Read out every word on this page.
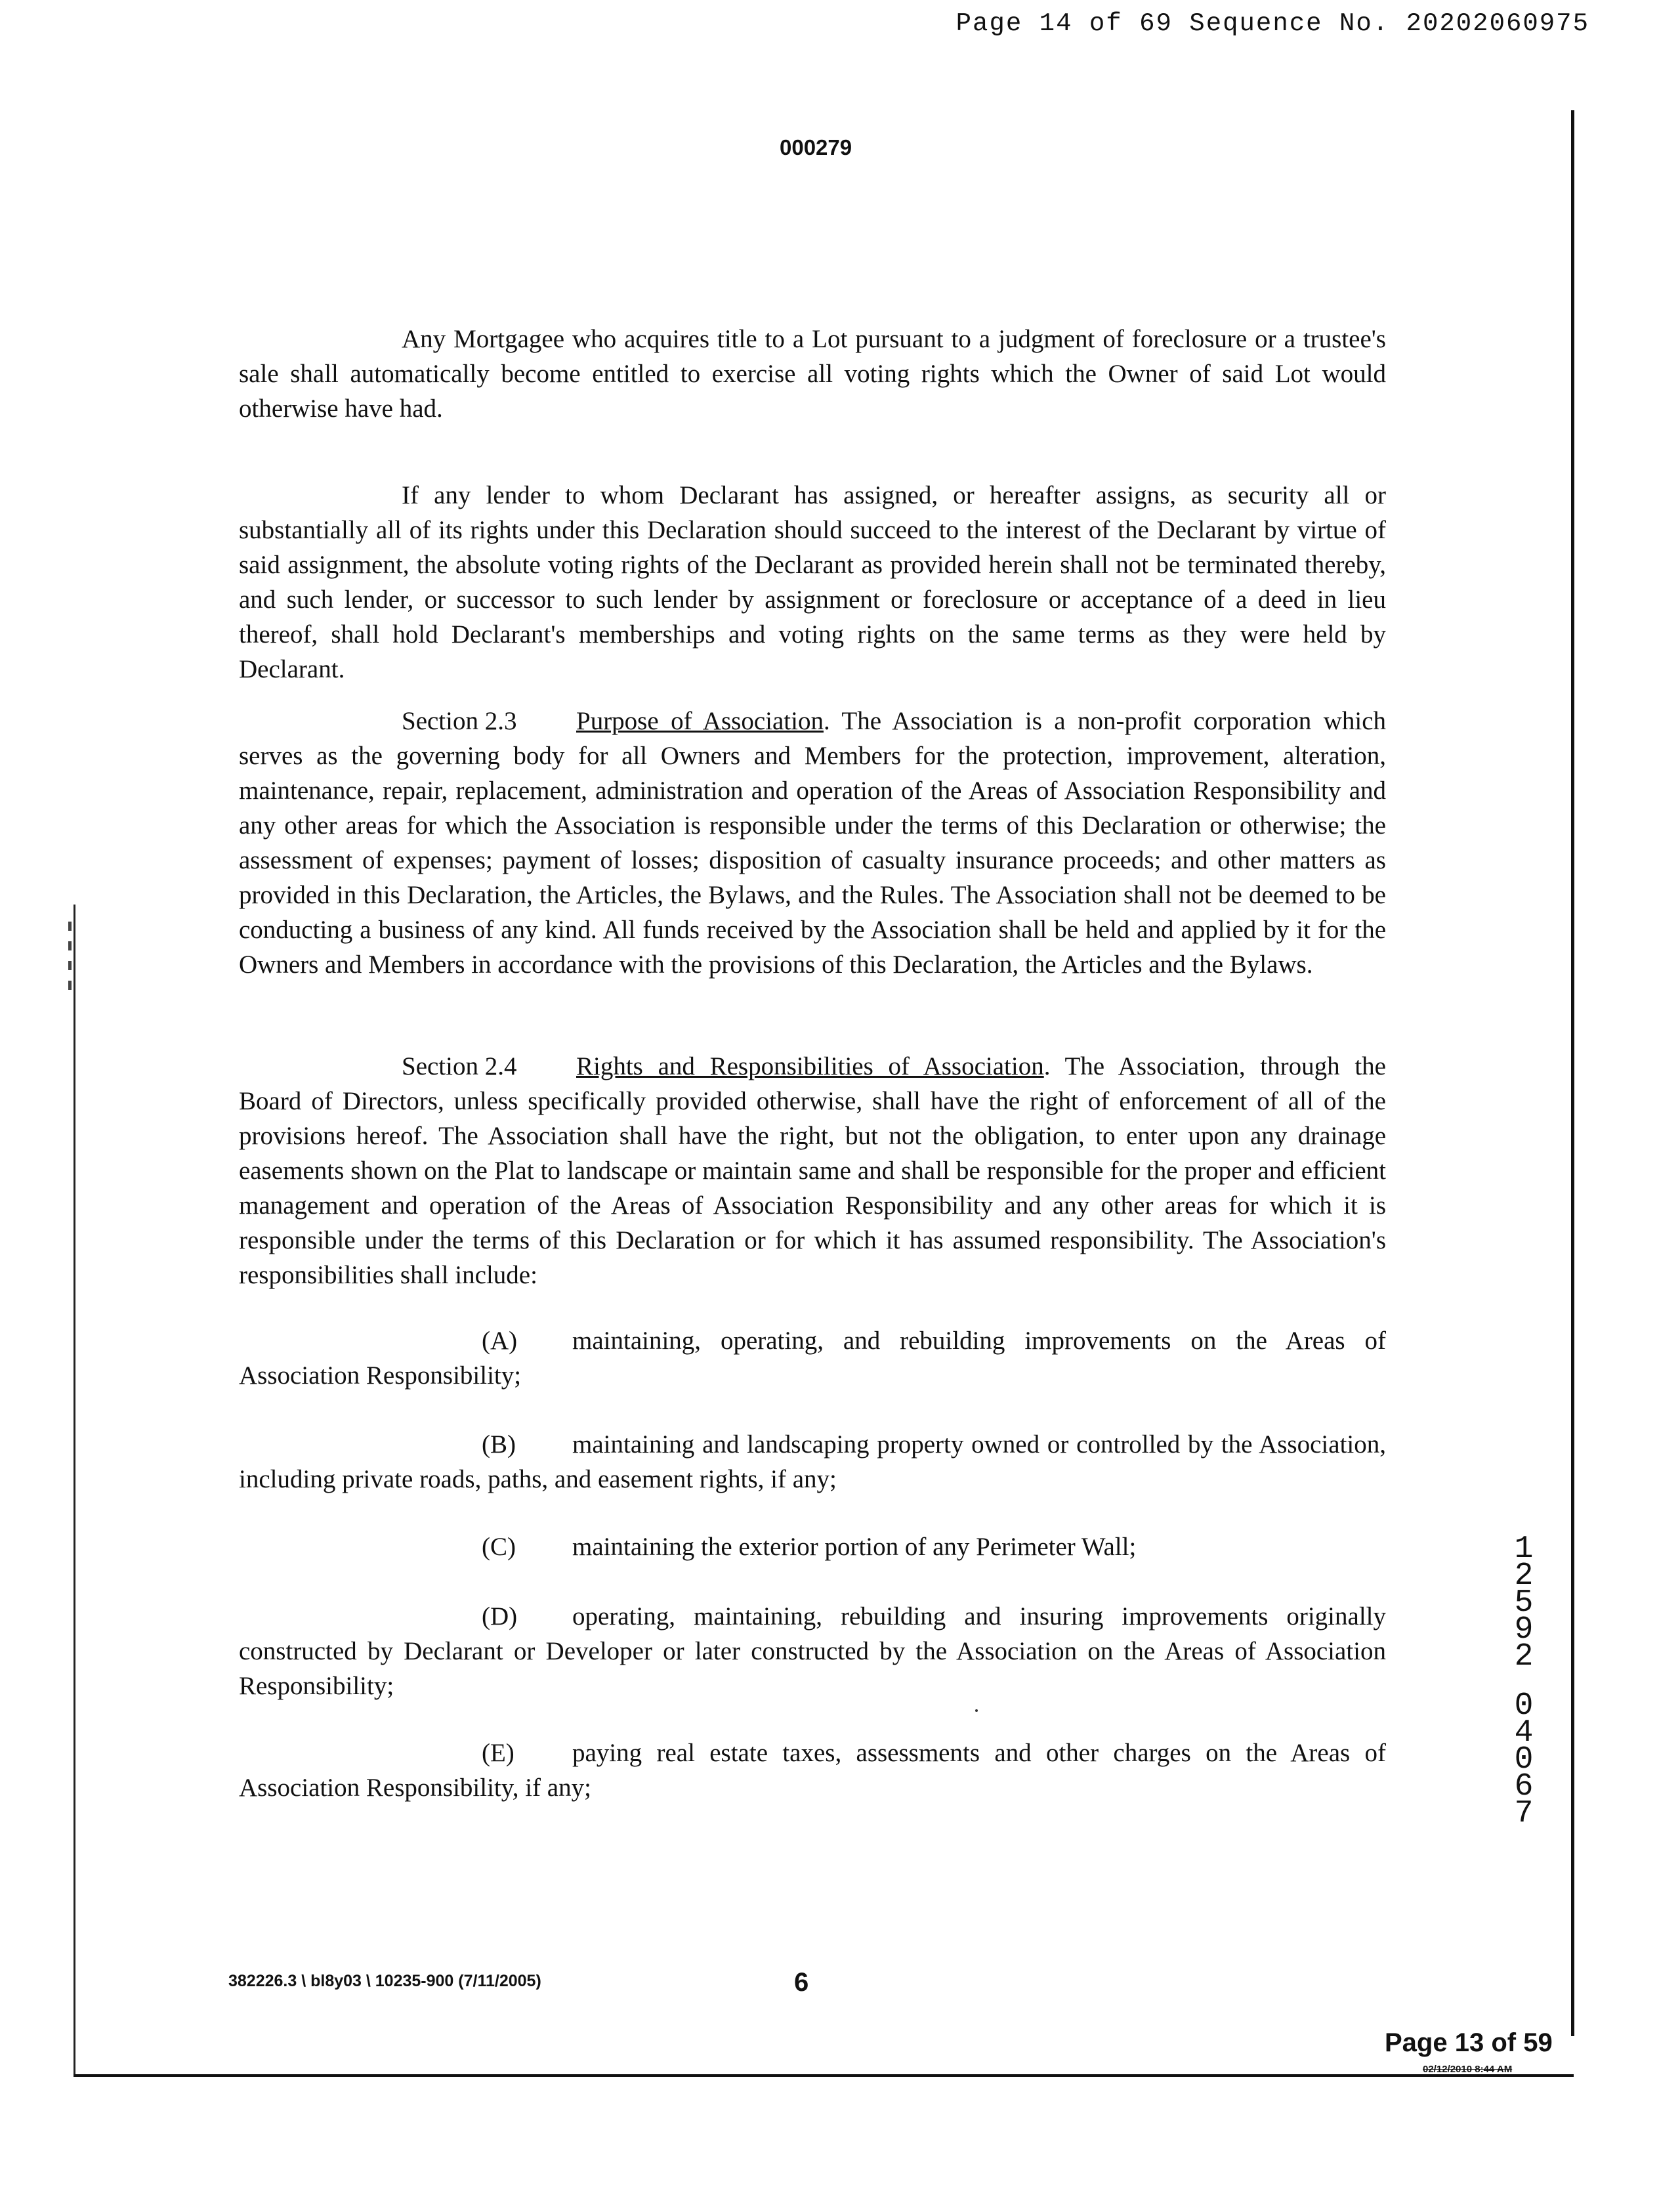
Page 14 of 69 Sequence No. 20202060975
000279
Any Mortgagee who acquires title to a Lot pursuant to a judgment of foreclosure or a trustee's sale shall automatically become entitled to exercise all voting rights which the Owner of said Lot would otherwise have had.
If any lender to whom Declarant has assigned, or hereafter assigns, as security all or substantially all of its rights under this Declaration should succeed to the interest of the Declarant by virtue of said assignment, the absolute voting rights of the Declarant as provided herein shall not be terminated thereby, and such lender, or successor to such lender by assignment or foreclosure or acceptance of a deed in lieu thereof, shall hold Declarant's memberships and voting rights on the same terms as they were held by Declarant.
Section 2.3 Purpose of Association. The Association is a non-profit corporation which serves as the governing body for all Owners and Members for the protection, improvement, alteration, maintenance, repair, replacement, administration and operation of the Areas of Association Responsibility and any other areas for which the Association is responsible under the terms of this Declaration or otherwise; the assessment of expenses; payment of losses; disposition of casualty insurance proceeds; and other matters as provided in this Declaration, the Articles, the Bylaws, and the Rules. The Association shall not be deemed to be conducting a business of any kind. All funds received by the Association shall be held and applied by it for the Owners and Members in accordance with the provisions of this Declaration, the Articles and the Bylaws.
Section 2.4 Rights and Responsibilities of Association. The Association, through the Board of Directors, unless specifically provided otherwise, shall have the right of enforcement of all of the provisions hereof. The Association shall have the right, but not the obligation, to enter upon any drainage easements shown on the Plat to landscape or maintain same and shall be responsible for the proper and efficient management and operation of the Areas of Association Responsibility and any other areas for which it is responsible under the terms of this Declaration or for which it has assumed responsibility. The Association's responsibilities shall include:
(A) maintaining, operating, and rebuilding improvements on the Areas of Association Responsibility;
(B) maintaining and landscaping property owned or controlled by the Association, including private roads, paths, and easement rights, if any;
(C) maintaining the exterior portion of any Perimeter Wall;
(D) operating, maintaining, rebuilding and insuring improvements originally constructed by Declarant or Developer or later constructed by the Association on the Areas of Association Responsibility;
(E) paying real estate taxes, assessments and other charges on the Areas of Association Responsibility, if any;
1
2
5
9
2
0
4
0
6
7
382226.3 \ bl8y03 \ 10235-900 (7/11/2005)	6
Page 13 of 59
02/12/2010 8:44 AM
